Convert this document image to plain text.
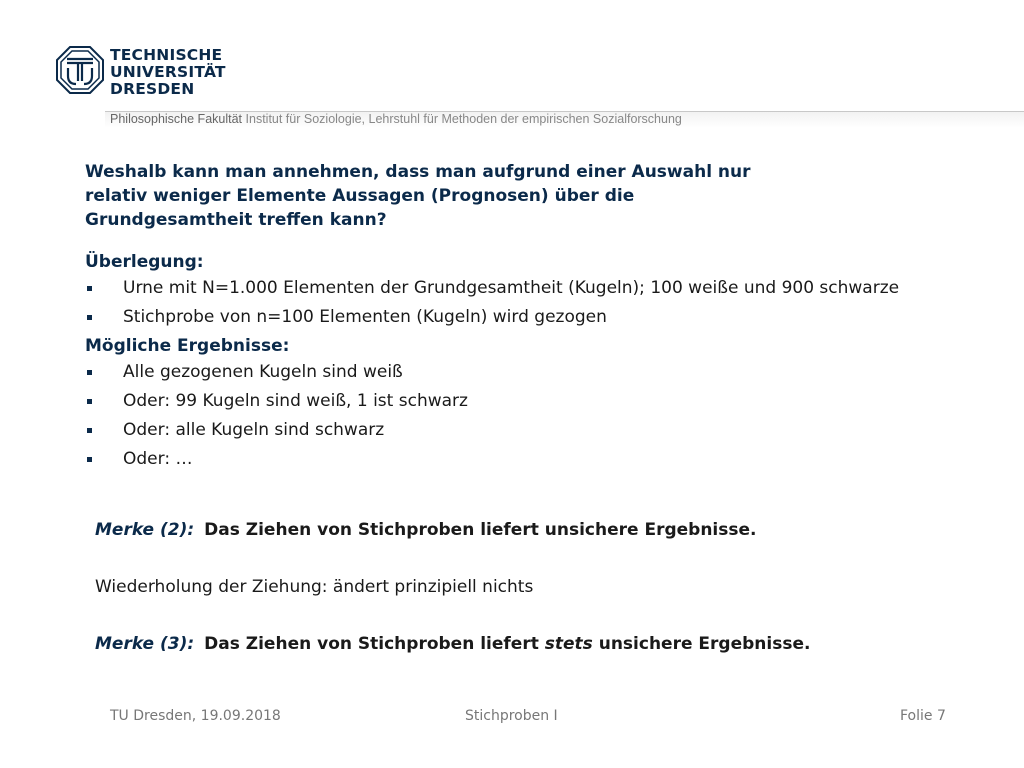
TECHNISCHE
UNIVERSITÄT
DRESDEN
Philosophische Fakultät Institut für Soziologie, Lehrstuhl für Methoden der empirischen Sozialforschung

Weshalb kann man annehmen, dass man aufgrund einer Auswahl nur
relativ weniger Elemente Aussagen (Prognosen) über die
Grundgesamtheit treffen kann?

Überlegung:
Urne mit N=1.000 Elementen der Grundgesamtheit (Kugeln); 100 weiße und 900 schwarze
Stichprobe von n=100 Elementen (Kugeln) wird gezogen
Mögliche Ergebnisse:
Alle gezogenen Kugeln sind weiß
Oder: 99 Kugeln sind weiß, 1 ist schwarz
Oder: alle Kugeln sind schwarz
Oder: …
Merke (2): Das Ziehen von Stichproben liefert unsichere Ergebnisse.
Wiederholung der Ziehung: ändert prinzipiell nichts
Merke (3): Das Ziehen von Stichproben liefert stets unsichere Ergebnisse.
TU Dresden, 19.09.2018	Stichproben I	Folie 7
